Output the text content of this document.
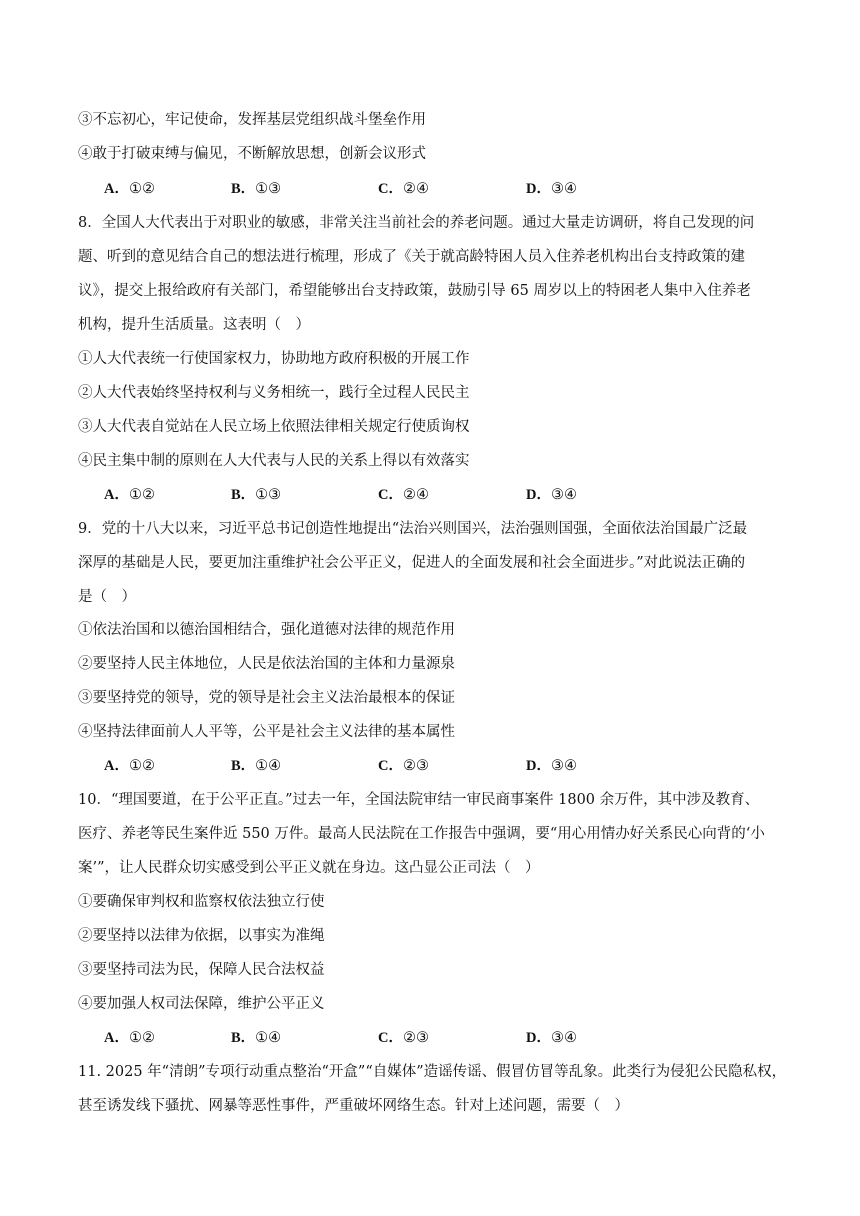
③不忘初心，牢记使命，发挥基层党组织战斗堡垒作用
④敢于打破束缚与偏见，不断解放思想，创新会议形式
A．①②	B．①③	C．②④	D．③④
8．全国人大代表出于对职业的敏感，非常关注当前社会的养老问题。通过大量走访调研，将自己发现的问
题、听到的意见结合自己的想法进行梳理，形成了《关于就高龄特困人员入住养老机构出台支持政策的建
议》，提交上报给政府有关部门，希望能够出台支持政策，鼓励引导 65 周岁以上的特困老人集中入住养老
机构，提升生活质量。这表明（　）
①人大代表统一行使国家权力，协助地方政府积极的开展工作
②人大代表始终坚持权利与义务相统一，践行全过程人民民主
③人大代表自觉站在人民立场上依照法律相关规定行使质询权
④民主集中制的原则在人大代表与人民的关系上得以有效落实
A．①②	B．①③	C．②④	D．③④
9．党的十八大以来，习近平总书记创造性地提出“法治兴则国兴，法治强则国强，全面依法治国最广泛最
深厚的基础是人民，要更加注重维护社会公平正义，促进人的全面发展和社会全面进步。”对此说法正确的
是（　）
①依法治国和以德治国相结合，强化道德对法律的规范作用
②要坚持人民主体地位，人民是依法治国的主体和力量源泉
③要坚持党的领导，党的领导是社会主义法治最根本的保证
④坚持法律面前人人平等，公平是社会主义法律的基本属性
A．①②	B．①④	C．②③	D．③④
10．“理国要道，在于公平正直。”过去一年，全国法院审结一审民商事案件 1800 余万件，其中涉及教育、
医疗、养老等民生案件近 550 万件。最高人民法院在工作报告中强调，要“用心用情办好关系民心向背的‘小
案’”，让人民群众切实感受到公平正义就在身边。这凸显公正司法（　）
①要确保审判权和监察权依法独立行使
②要坚持以法律为依据，以事实为准绳
③要坚持司法为民，保障人民合法权益
④要加强人权司法保障，维护公平正义
A．①②	B．①④	C．②③	D．③④
11. 2025 年“清朗”专项行动重点整治“开盒”“自媒体”造谣传谣、假冒仿冒等乱象。此类行为侵犯公民隐私权，
甚至诱发线下骚扰、网暴等恶性事件，严重破坏网络生态。针对上述问题，需要（　）
